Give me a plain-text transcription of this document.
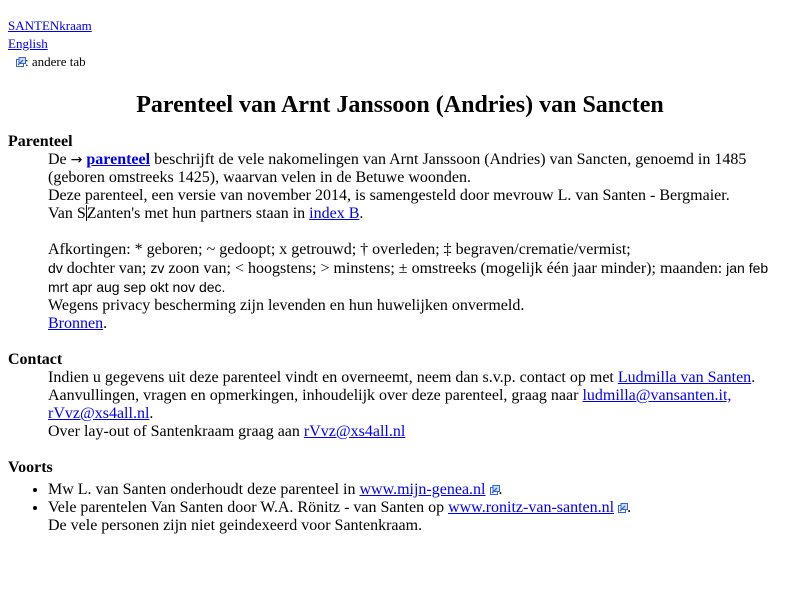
SANTENkraam
English
: andere tab
Parenteel van Arnt Janssoon (Andries) van Sancten
Parenteel
De → parenteel beschrijft de vele nakomelingen van Arnt Janssoon (Andries) van Sancten, genoemd in 1485 (geboren omstreeks 1425), waarvan velen in de Betuwe woonden.
Deze parenteel, een versie van november 2014, is samengesteld door mevrouw L. van Santen - Bergmaier.
Van SZanten's met hun partners staan in index B.

Afkortingen: * geboren; ~ gedoopt; x getrouwd; † overleden; ‡ begraven/crematie/vermist;
dv dochter van; zv zoon van; < hoogstens; > minstens; ± omstreeks (mogelijk één jaar minder); maanden: jan feb mrt apr aug sep okt nov dec.
Wegens privacy bescherming zijn levenden en hun huwelijken onvermeld.
Bronnen.
Contact
Indien u gegevens uit deze parenteel vindt en overneemt, neem dan s.v.p. contact op met Ludmilla van Santen.
Aanvullingen, vragen en opmerkingen, inhoudelijk over deze parenteel, graag naar ludmilla@vansanten.it,
rVvz@xs4all.nl.
Over lay-out of Santenkraam graag aan rVvz@xs4all.nl
Voorts
• Mw L. van Santen onderhoudt deze parenteel in www.mijn-genea.nl .
• Vele parentelen Van Santen door W.A. Rönitz - van Santen op www.ronitz-van-santen.nl .
De vele personen zijn niet geindexeerd voor Santenkraam.
